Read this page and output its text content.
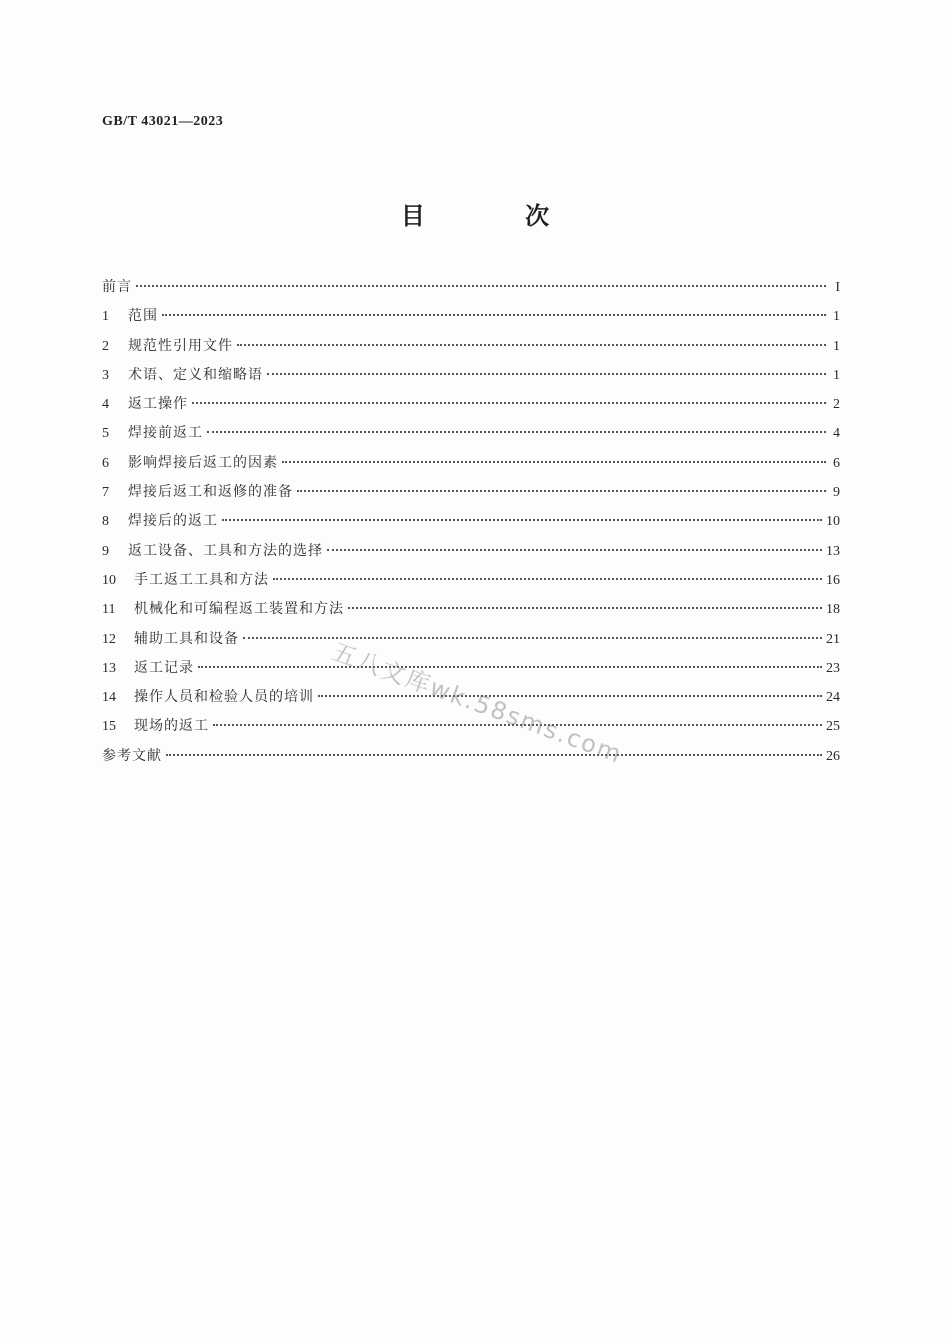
GB/T 43021—2023
目 次
前言	I
1	范围	1
2	规范性引用文件	1
3	术语、定义和缩略语	1
4	返工操作	2
5	焊接前返工	4
6	影响焊接后返工的因素	6
7	焊接后返工和返修的准备	9
8	焊接后的返工	10
9	返工设备、工具和方法的选择	13
10	手工返工工具和方法	16
11	机械化和可编程返工装置和方法	18
12	辅助工具和设备	21
13	返工记录	23
14	操作人员和检验人员的培训	24
15	现场的返工	25
参考文献	26
五八文库wk.58sms.com
